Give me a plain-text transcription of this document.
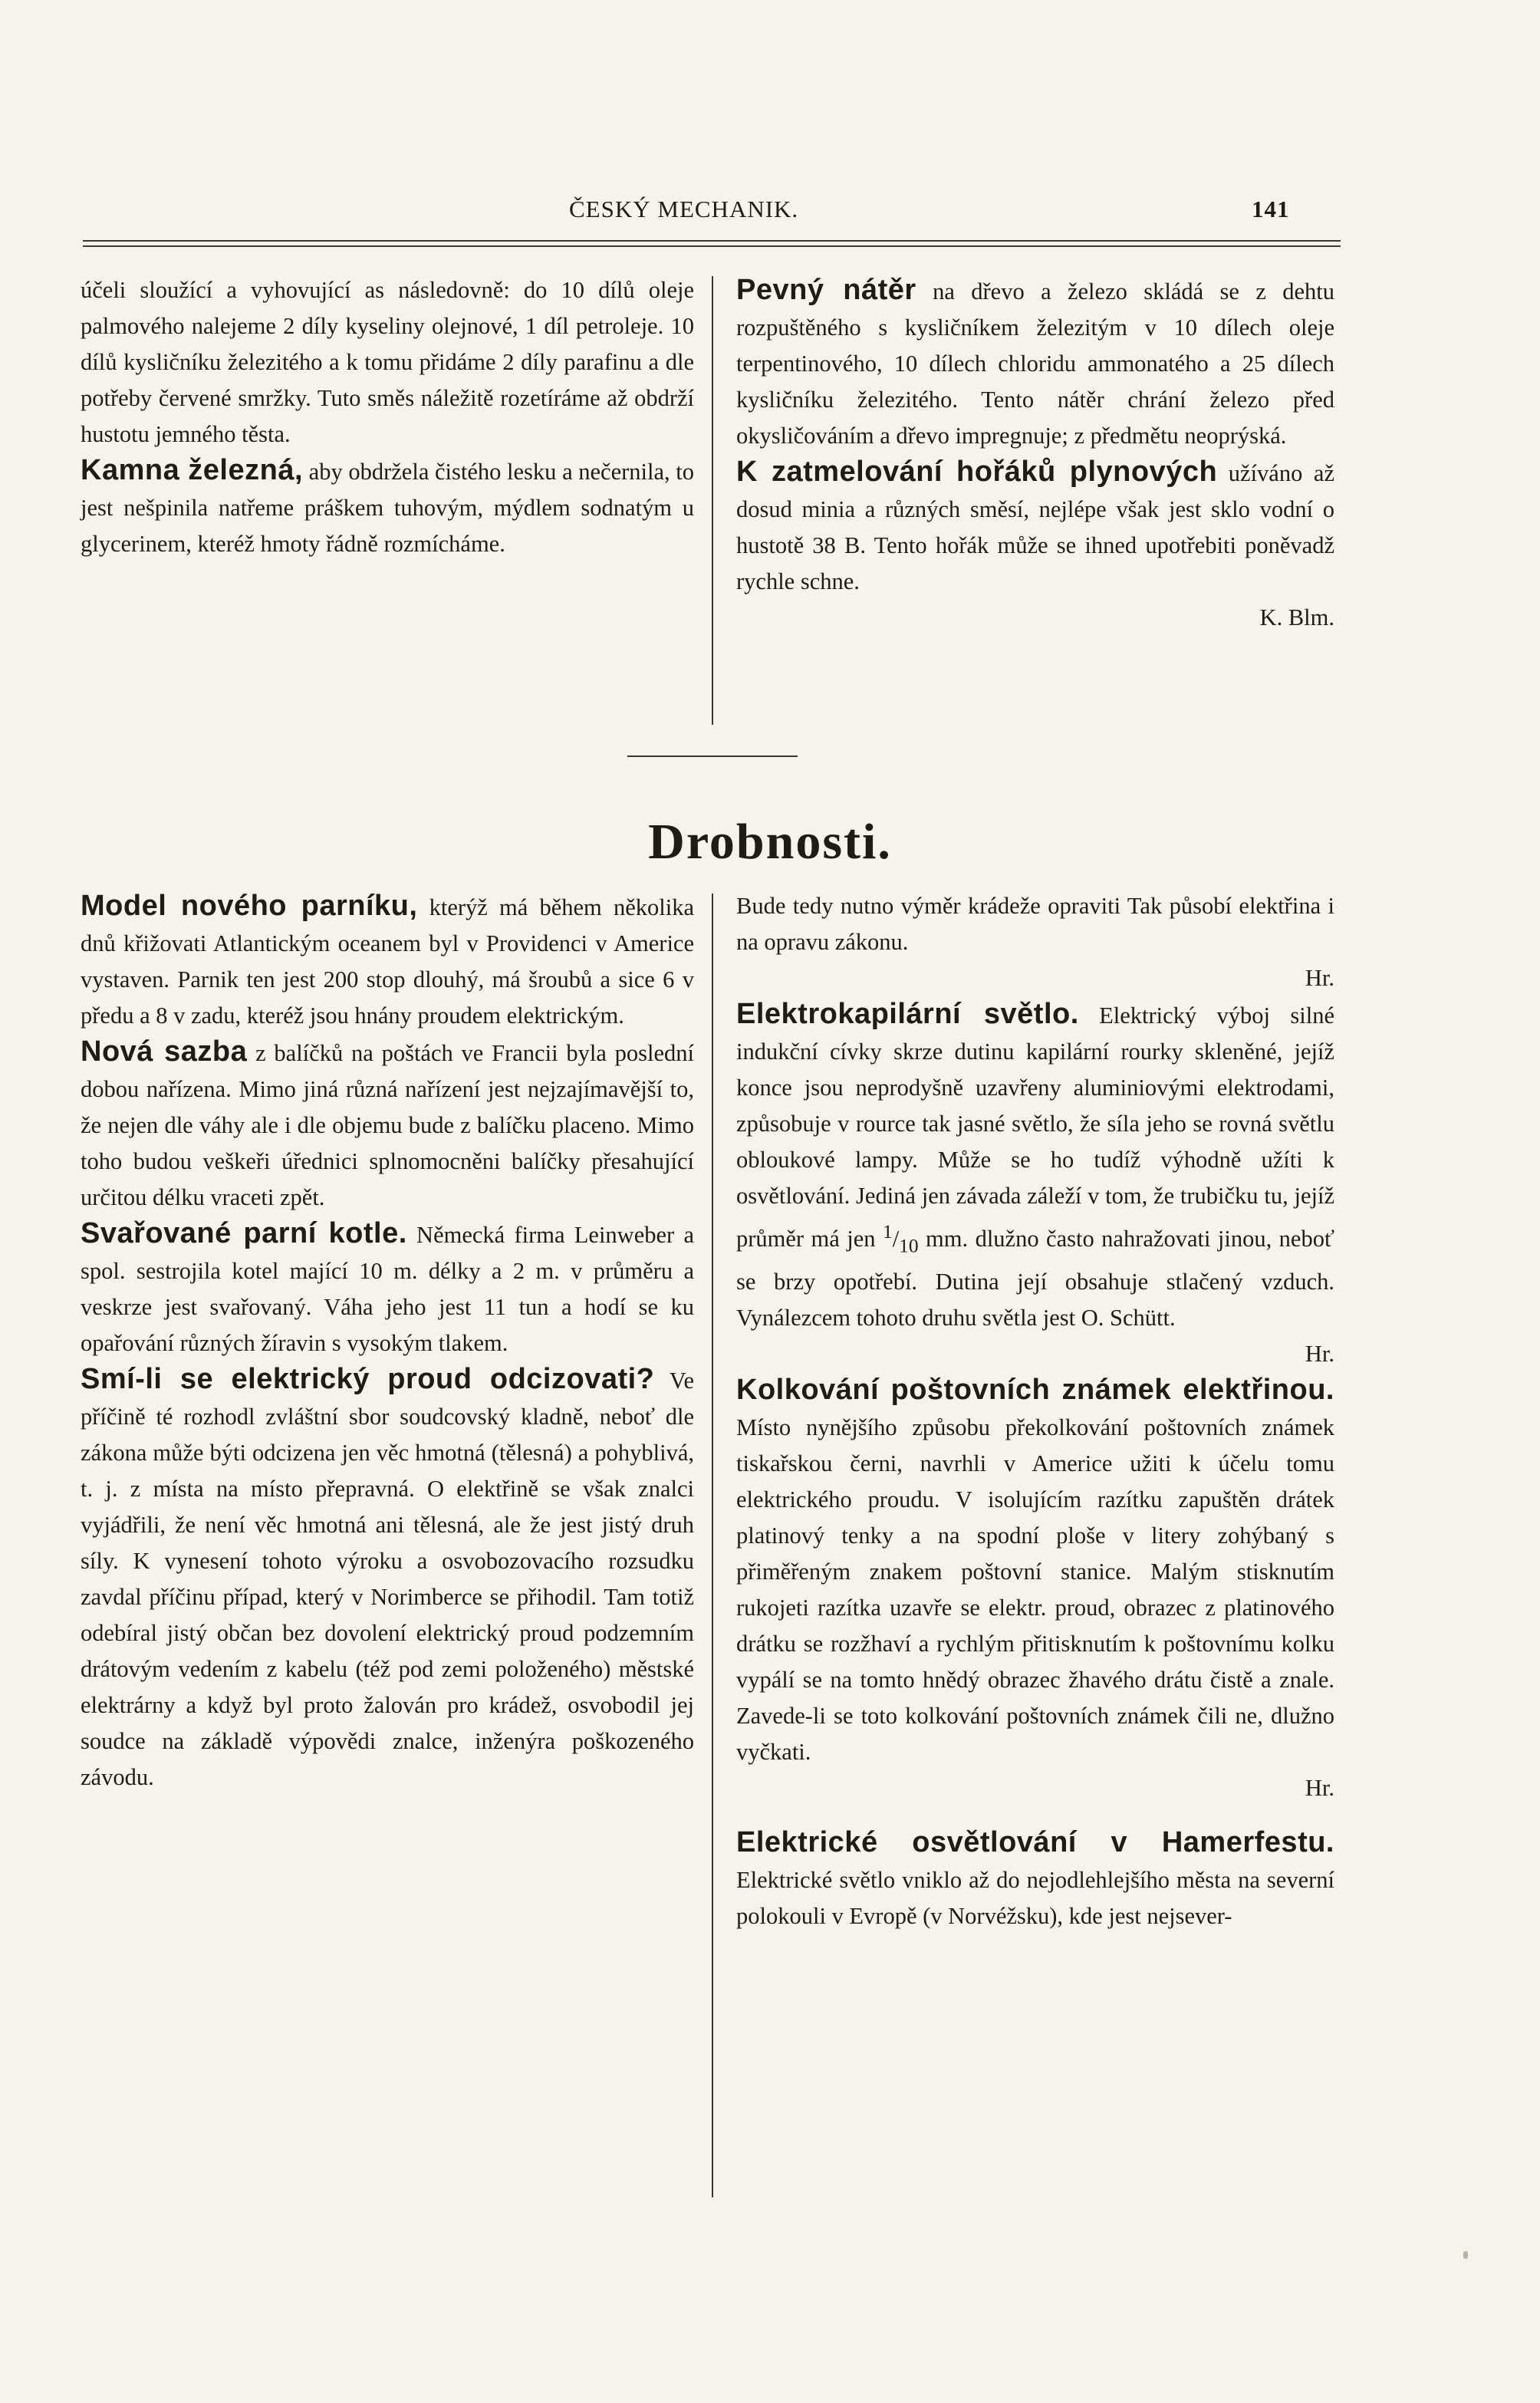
ČESKÝ MECHANIK.	141

účeli sloužící a vyhovující as následovně: do 10 dílů oleje palmového nalejeme 2 díly kyseliny olejnové, 1 díl petroleje. 10 dílů kysličníku železitého a k tomu přidáme 2 díly parafinu a dle potřeby červené smržky. Tuto směs náležitě rozetíráme až obdrží hustotu jemného těsta.

Kamna železná, aby obdržela čistého lesku a nečernila, to jest nešpinila natřeme práškem tuhovým, mýdlem sodnatým u glycerinem, kteréž hmoty řádně rozmícháme.

Pevný nátěr na dřevo a železo skládá se z dehtu rozpuštěného s kysličníkem železitým v 10 dílech oleje terpentinového, 10 dílech chloridu ammonatého a 25 dílech kysličníku železitého. Tento nátěr chrání železo před okysličováním a dřevo impregnuje; z předmětu neoprýská.

K zatmelování hořáků plynových užíváno až dosud minia a různých směsí, nejlépe však jest sklo vodní o hustotě 38 B. Tento hořák může se ihned upotřebiti poněvadž rychle schne.

K. Blm.

Drobnosti.

Model nového parníku, kterýž má během několika dnů křižovati Atlantickým oceanem byl v Providenci v Americe vystaven. Parnik ten jest 200 stop dlouhý, má šroubů a sice 6 v předu a 8 v zadu, kteréž jsou hnány proudem elektrickým.

Nová sazba z balíčků na poštách ve Francii byla poslední dobou nařízena. Mimo jiná různá nařízení jest nejzajímavější to, že nejen dle váhy ale i dle objemu bude z balíčku placeno. Mimo toho budou veškeři úřednici splnomocněni balíčky přesahující určitou délku vraceti zpět.

Svařované parní kotle. Německá firma Leinweber a spol. sestrojila kotel mající 10 m. délky a 2 m. v průměru a veskrze jest svařovaný. Váha jeho jest 11 tun a hodí se ku opařování různých žíravin s vysokým tlakem.

Smí-li se elektrický proud odcizovati? Ve příčině té rozhodl zvláštní sbor soudcovský kladně, neboť dle zákona může býti odcizena jen věc hmotná (tělesná) a pohyblivá, t. j. z místa na místo přepravná. O elektřině se však znalci vyjádřili, že není věc hmotná ani tělesná, ale že jest jistý druh síly. K vynesení tohoto výroku a osvobozovacího rozsudku zavdal příčinu případ, který v Norimberce se přihodil. Tam totiž odebíral jistý občan bez dovolení elektrický proud podzemním drátovým vedením z kabelu (též pod zemi položeného) městské elektrárny a když byl proto žalován pro krádež, osvobodil jej soudce na základě výpovědi znalce, inženýra poškozeného závodu.

Bude tedy nutno výměr krádeže opraviti Tak působí elektřina i na opravu zákonu.

Hr.

Elektrokapilární světlo. Elektrický výboj silné indukční cívky skrze dutinu kapilární rourky skleněné, jejíž konce jsou neprodyšně uzavřeny aluminiovými elektrodami, způsobuje v rource tak jasné světlo, že síla jeho se rovná světlu obloukové lampy. Může se ho tudíž výhodně užíti k osvětlování. Jediná jen závada záleží v tom, že trubičku tu, jejíž průměr má jen $^1/_{10}$ mm. dlužno často nahražovati jinou, neboť se brzy opotřebí. Dutina její obsahuje stlačený vzduch. Vynálezcem tohoto druhu světla jest O. Schütt.

Hr.

Kolkování poštovních známek elektřinou. Místo nynějšího způsobu překolkování poštovních známek tiskařskou černi, navrhli v Americe užiti k účelu tomu elektrického proudu. V isolujícím razítku zapuštěn drátek platinový tenky a na spodní ploše v litery zohýbaný s přiměřeným znakem poštovní stanice. Malým stisknutím rukojeti razítka uzavře se elektr. proud, obrazec z platinového drátku se rozžhaví a rychlým přitisknutím k poštovnímu kolku vypálí se na tomto hnědý obrazec žhavého drátu čistě a znale. Zavede-li se toto kolkování poštovních známek čili ne, dlužno vyčkati.

Hr.

Elektrické osvětlování v Hamerfestu. Elektrické světlo vniklo až do nejodlehlejšího města na severní polokouli v Evropě (v Norvéžsku), kde jest nejsever-
